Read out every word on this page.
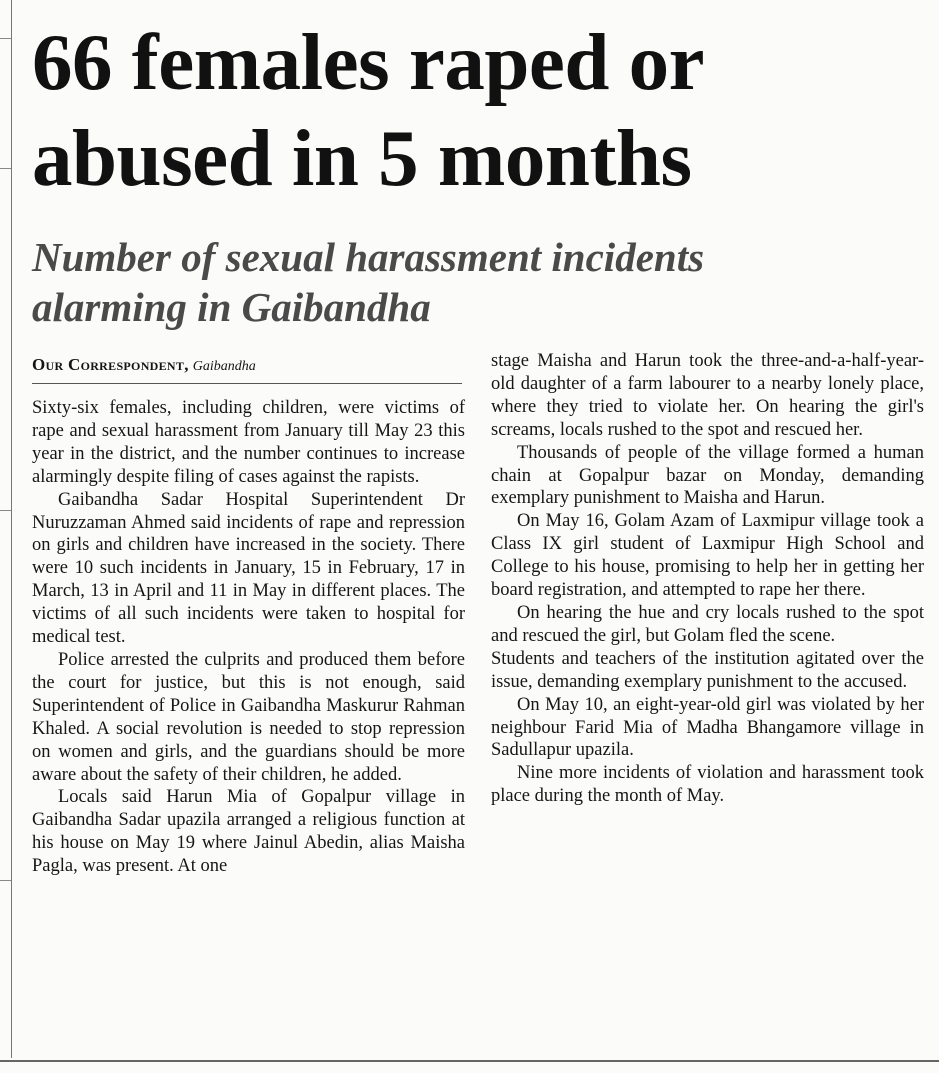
66 females raped or
abused in 5 months
Number of sexual harassment incidents
alarming in Gaibandha
Our Correspondent, Gaibandha

Sixty-six females, including children, were victims of rape and sexual harassment from January till May 23 this year in the district, and the number continues to increase alarmingly despite filing of cases against the rapists.

Gaibandha Sadar Hospital Superintendent Dr Nuruzzaman Ahmed said incidents of rape and repression on girls and children have increased in the society. There were 10 such incidents in January, 15 in February, 17 in March, 13 in April and 11 in May in different places. The victims of all such incidents were taken to hospital for medical test.

Police arrested the culprits and produced them before the court for justice, but this is not enough, said Superintendent of Police in Gaibandha Maskurur Rahman Khaled. A social revolution is needed to stop repression on women and girls, and the guardians should be more aware about the safety of their children, he added.

Locals said Harun Mia of Gopalpur village in Gaibandha Sadar upazila arranged a religious function at his house on May 19 where Jainul Abedin, alias Maisha Pagla, was present. At one

stage Maisha and Harun took the three-and-a-half-year-old daughter of a farm labourer to a nearby lonely place, where they tried to violate her. On hearing the girl's screams, locals rushed to the spot and rescued her.

Thousands of people of the village formed a human chain at Gopalpur bazar on Monday, demanding exemplary punishment to Maisha and Harun.

On May 16, Golam Azam of Laxmipur village took a Class IX girl student of Laxmipur High School and College to his house, promising to help her in getting her board registration, and attempted to rape her there.

On hearing the hue and cry locals rushed to the spot and rescued the girl, but Golam fled the scene.

Students and teachers of the institution agitated over the issue, demanding exemplary punishment to the accused.

On May 10, an eight-year-old girl was violated by her neighbour Farid Mia of Madha Bhangamore village in Sadullapur upazila.

Nine more incidents of violation and harassment took place during the month of May.
